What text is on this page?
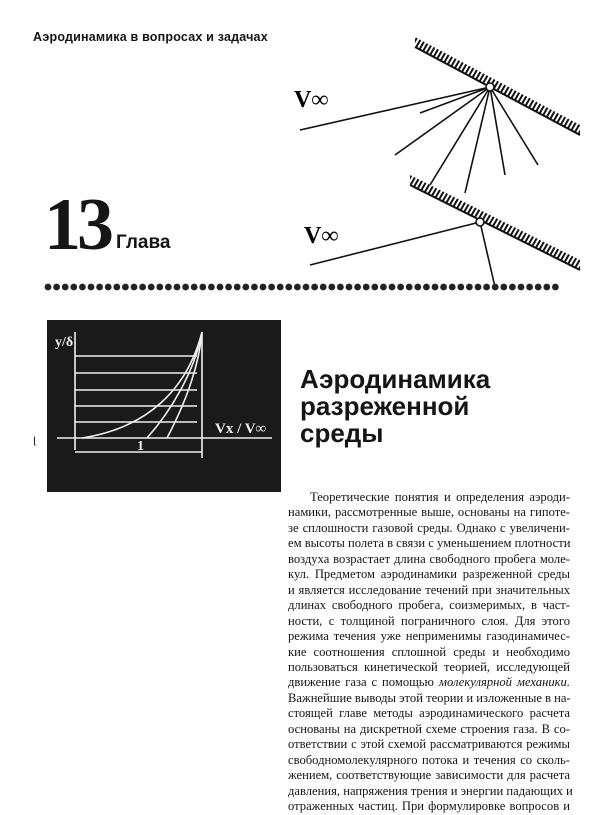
Аэродинамика в вопросах и задачах
V∞
V∞
13 Глава
y/δ
Vx / V∞
1
⌊
Аэродинамика
разреженной
среды
Теоретические понятия и определения аэроди-
намики, рассмотренные выше, основаны на гипоте-
зе сплошности газовой среды. Однако с увеличени-
ем высоты полета в связи с уменьшением плотности
воздуха возрастает длина свободного пробега моле-
кул. Предметом аэродинамики разреженной среды
и является исследование течений при значительных
длинах свободного пробега, соизмеримых, в част-
ности, с толщиной пограничного слоя. Для этого
режима течения уже неприменимы газодинамичес-
кие соотношения сплошной среды и необходимо
пользоваться кинетической теорией, исследующей
движение газа с помощью молекулярной механики.
Важнейшие выводы этой теории и изложенные в на-
стоящей главе методы аэродинамического расчета
основаны на дискретной схеме строения газа. В со-
ответствии с этой схемой рассматриваются режимы
свободномолекулярного потока и течения со сколь-
жением, соответствующие зависимости для расчета
давления, напряжения трения и энергии падающих и
отраженных частиц. При формулировке вопросов и
